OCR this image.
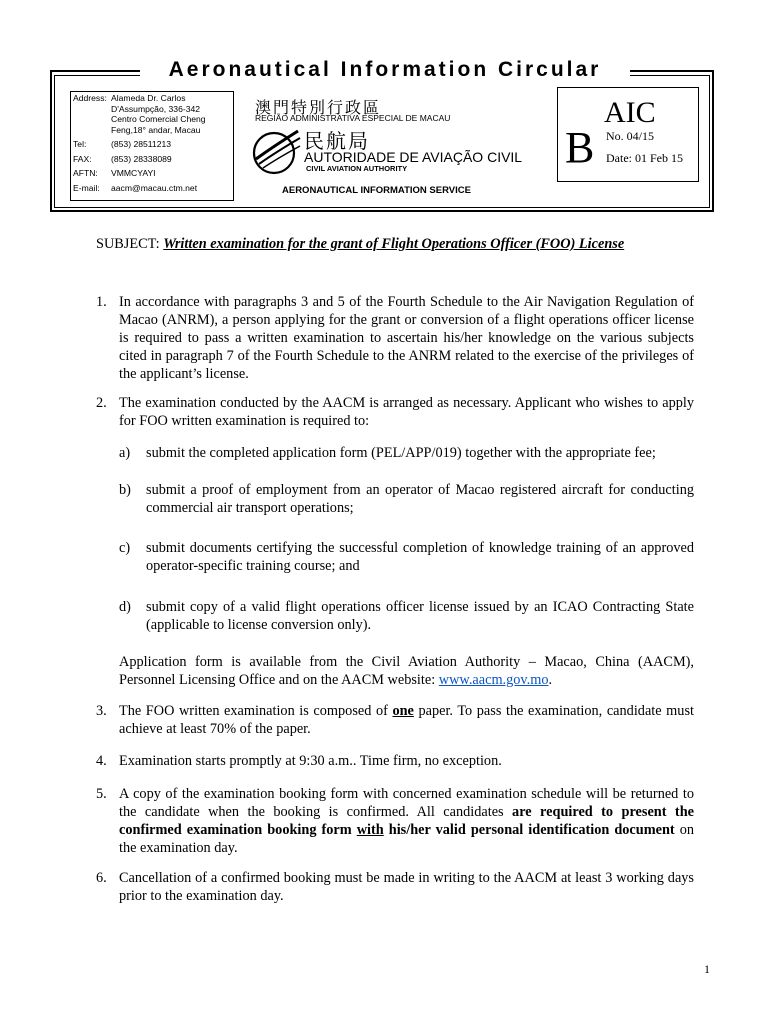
Aeronautical Information Circular
Address: Alameda Dr. Carlos
D'Assumpção, 336-342
Centro Comercial Cheng
Feng,18° andar, Macau
Tel:	(853) 28511213
FAX: (853) 28338089
AFTN: VMMCYAYI
E-mail: aacm@macau.ctm.net
澳門特別行政區
REGIÃO ADMINISTRATIVA ESPECIAL DE MACAU
民航局
AUTORIDADE DE AVIAÇÃO CIVIL
CIVIL AVIATION AUTHORITY
AERONAUTICAL INFORMATION SERVICE
AIC
B No. 04/15
Date: 01 Feb 15
SUBJECT: Written examination for the grant of Flight Operations Officer (FOO) License
1. In accordance with paragraphs 3 and 5 of the Fourth Schedule to the Air Navigation Regulation of Macao (ANRM), a person applying for the grant or conversion of a flight operations officer license is required to pass a written examination to ascertain his/her knowledge on the various subjects cited in paragraph 7 of the Fourth Schedule to the ANRM related to the exercise of the privileges of the applicant’s license.
2. The examination conducted by the AACM is arranged as necessary. Applicant who wishes to apply for FOO written examination is required to:
a) submit the completed application form (PEL/APP/019) together with the appropriate fee;
b) submit a proof of employment from an operator of Macao registered aircraft for conducting commercial air transport operations;
c) submit documents certifying the successful completion of knowledge training of an approved operator-specific training course; and
d) submit copy of a valid flight operations officer license issued by an ICAO Contracting State (applicable to license conversion only).
Application form is available from the Civil Aviation Authority – Macao, China (AACM), Personnel Licensing Office and on the AACM website: www.aacm.gov.mo.
3. The FOO written examination is composed of one paper. To pass the examination, candidate must achieve at least 70% of the paper.
4. Examination starts promptly at 9:30 a.m.. Time firm, no exception.
5. A copy of the examination booking form with concerned examination schedule will be returned to the candidate when the booking is confirmed. All candidates are required to present the confirmed examination booking form with his/her valid personal identification document on the examination day.
6. Cancellation of a confirmed booking must be made in writing to the AACM at least 3 working days prior to the examination day.
1
